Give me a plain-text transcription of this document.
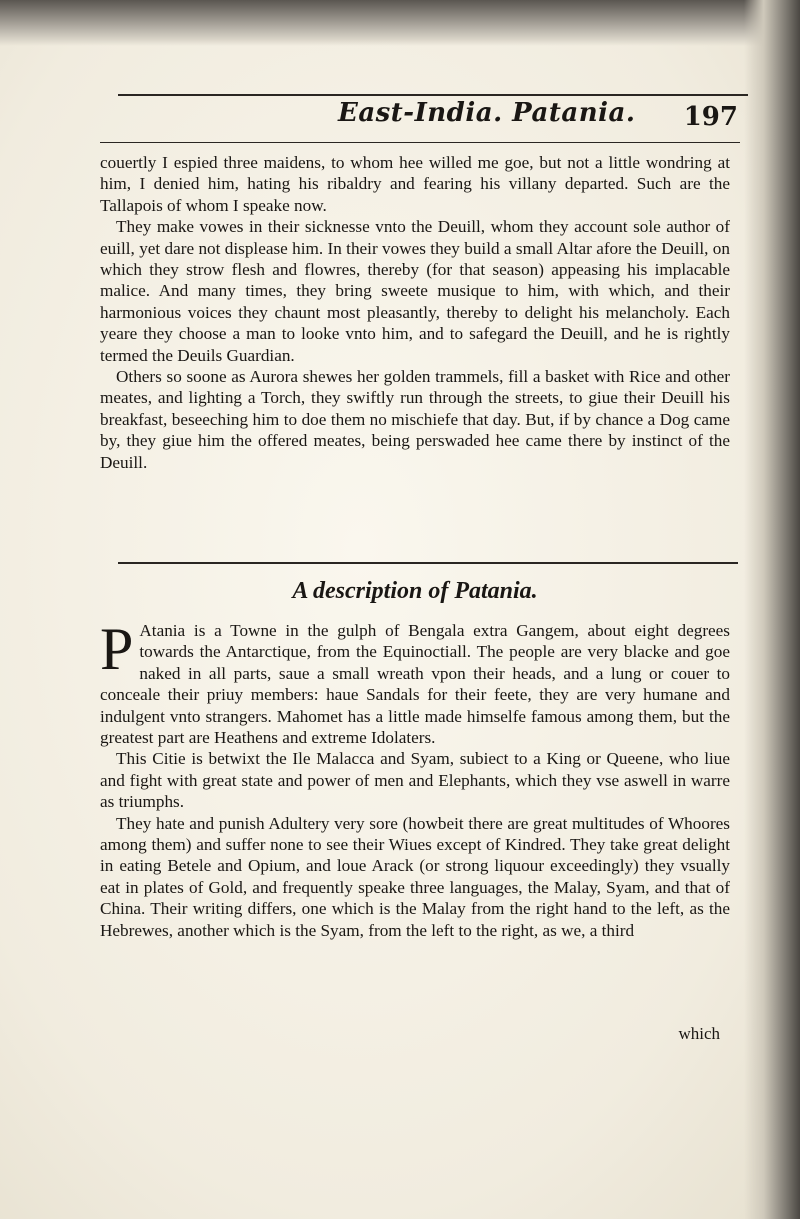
East-India. Patania. 197

couertly I espied three maidens, to whom hee willed me goe, but not a little wondring at him, I denied him, hating his ribaldry and fearing his villany departed. Such are the Tallapois of whom I speake now.

They make vowes in their sicknesse vnto the Deuill, whom they account sole author of euill, yet dare not displease him. In their vowes they build a small Altar afore the Deuill, on which they strow flesh and flowres, thereby (for that season) appeasing his implacable malice. And many times, they bring sweete musique to him, with which, and their harmonious voices they chaunt most pleasantly, thereby to delight his melancholy. Each yeare they choose a man to looke vnto him, and to safegard the Deuill, and he is rightly termed the Deuils Guardian.

Others so soone as Aurora shewes her golden trammels, fill a basket with Rice and other meates, and lighting a Torch, they swiftly run through the streets, to giue their Deuill his breakfast, beseeching him to doe them no mischiefe that day. But, if by chance a Dog came by, they giue him the offered meates, being perswaded hee came there by instinct of the Deuill.

A description of Patania.
P Atania is a Towne in the gulph of Bengala extra Gangem, about eight degrees towards the Antarctique, from the Equinoctiall. The people are very blacke and goe naked in all parts, saue a small wreath vpon their heads, and a lung or couer to conceale their priuy members: haue Sandals for their feete, they are very humane and indulgent vnto strangers. Mahomet has a little made himselfe famous among them, but the greatest part are Heathens and extreme Idolaters.

This Citie is betwixt the Ile Malacca and Syam, subiect to a King or Queene, who liue and fight with great state and power of men and Elephants, which they vse aswell in warre as triumphs.

They hate and punish Adultery very sore (howbeit there are great multitudes of Whoores among them) and suffer none to see their Wiues except of Kindred. They take great delight in eating Betele and Opium, and loue Arack (or strong liquour exceedingly) they vsually eat in plates of Gold, and frequently speake three languages, the Malay, Syam, and that of China. Their writing differs, one which is the Malay from the right hand to the left, as the Hebrewes, another which is the Syam, from the left to the right, as we, a third

which
